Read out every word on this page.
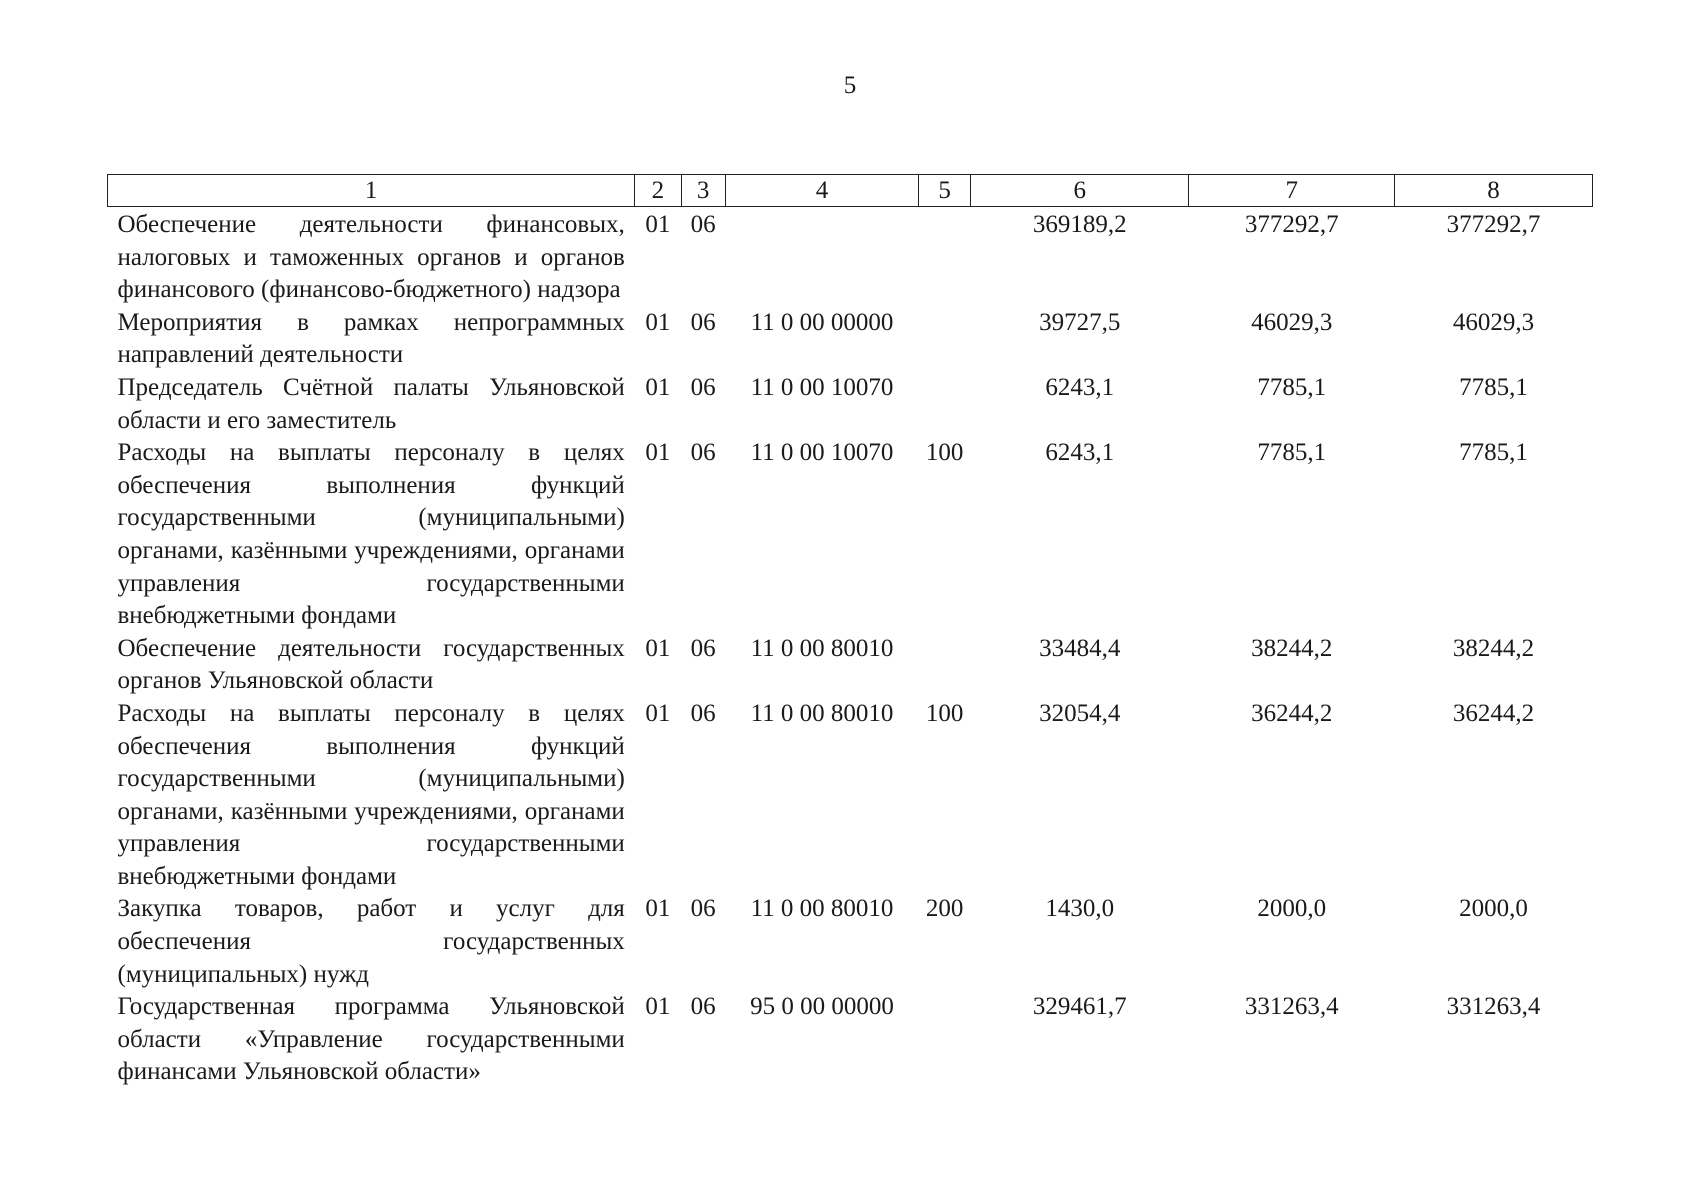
5
1	2	3	4	5	6	7	8
Обеспечение деятельности финансовых, налоговых и таможенных органов и органов финансового (финансово-бюджетного) надзора	01	06			369189,2	377292,7	377292,7
Мероприятия в рамках непрограммных направлений деятельности	01	06	11 0 00 00000		39727,5	46029,3	46029,3
Председатель Счётной палаты Ульяновской области и его заместитель	01	06	11 0 00 10070		6243,1	7785,1	7785,1
Расходы на выплаты персоналу в целях обеспечения выполнения функций государственными (муниципальными) органами, казёнными учреждениями, органами управления государственными внебюджетными фондами	01	06	11 0 00 10070	100	6243,1	7785,1	7785,1
Обеспечение деятельности государственных органов Ульяновской области	01	06	11 0 00 80010		33484,4	38244,2	38244,2
Расходы на выплаты персоналу в целях обеспечения выполнения функций государственными (муниципальными) органами, казёнными учреждениями, органами управления государственными внебюджетными фондами	01	06	11 0 00 80010	100	32054,4	36244,2	36244,2
Закупка товаров, работ и услуг для обеспечения государственных (муниципальных) нужд	01	06	11 0 00 80010	200	1430,0	2000,0	2000,0
Государственная программа Ульяновской области «Управление государственными финансами Ульяновской области»	01	06	95 0 00 00000		329461,7	331263,4	331263,4
